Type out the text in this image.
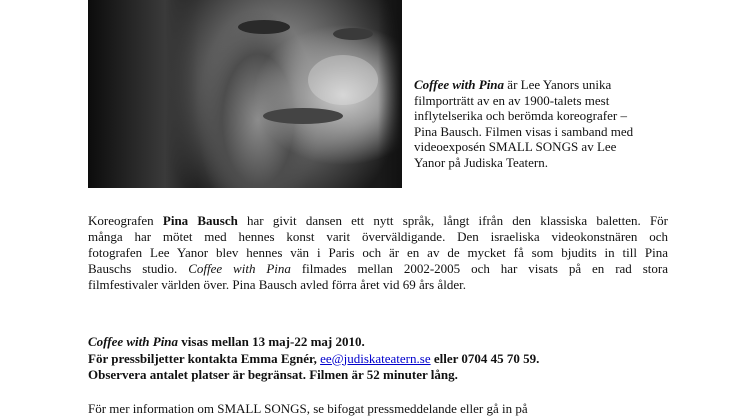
Coffee with Pina är Lee Yanors unika
filmporträtt av en av 1900-talets mest
inflytelserika och berömda koreografer –
Pina Bausch. Filmen visas i samband med
videoexposén SMALL SONGS av Lee
Yanor på Judiska Teatern.

Koreografen Pina Bausch har givit dansen ett nytt språk, långt ifrån den klassiska baletten. För
många har mötet med hennes konst varit överväldigande. Den israeliska videokonstnären och
fotografen Lee Yanor blev hennes vän i Paris och är en av de mycket få som bjudits in till Pina
Bauschs studio. Coffee with Pina filmades mellan 2002-2005 och har visats på en rad stora
filmfestivaler världen över. Pina Bausch avled förra året vid 69 års ålder.
Coffee with Pina visas mellan 13 maj-22 maj 2010.
För pressbiljetter kontakta Emma Egnér, ee@judiskateatern.se eller 0704 45 70 59.
Observera antalet platser är begränsat. Filmen är 52 minuter lång.
För mer information om SMALL SONGS, se bifogat pressmeddelande eller gå in på
